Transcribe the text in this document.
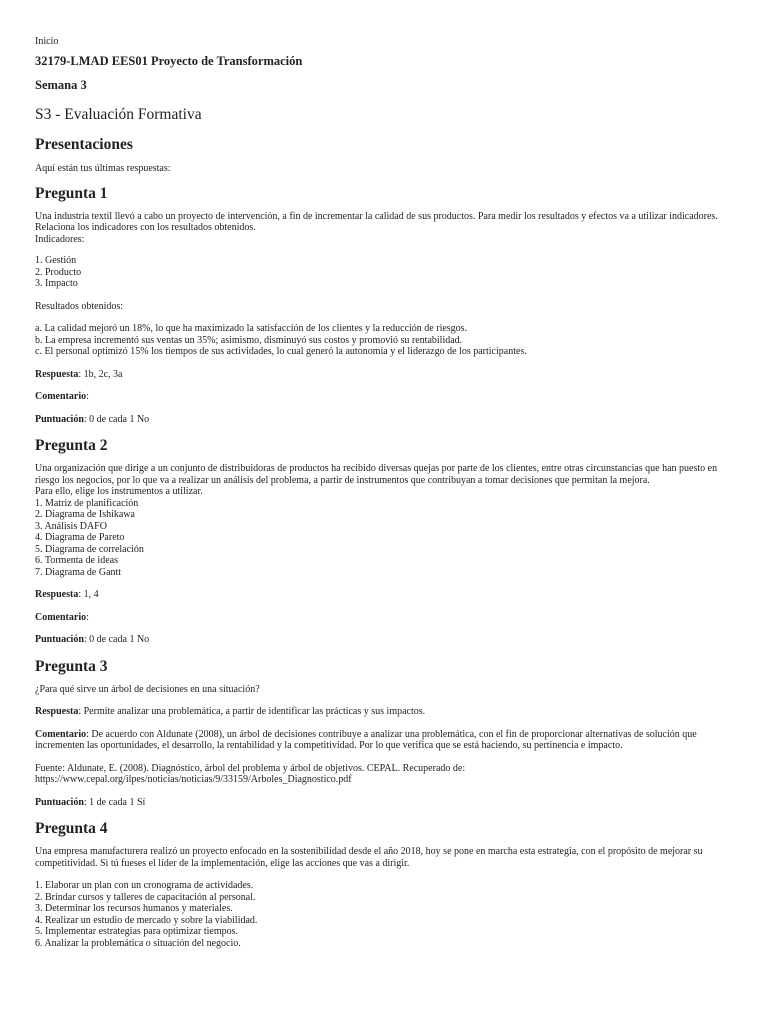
Inicio
32179-LMAD EES01 Proyecto de Transformación
Semana 3
S3 - Evaluación Formativa
Presentaciones
Aquí están tus últimas respuestas:
Pregunta 1
Una industria textil llevó a cabo un proyecto de intervención, a fin de incrementar la calidad de sus productos. Para medir los resultados y efectos va a utilizar indicadores.
Relaciona los indicadores con los resultados obtenidos.
Indicadores:
1. Gestión
2. Producto
3. Impacto
Resultados obtenidos:
a. La calidad mejoró un 18%, lo que ha maximizado la satisfacción de los clientes y la reducción de riesgos.
b. La empresa incrementó sus ventas un 35%; asimismo, disminuyó sus costos y promovió su rentabilidad.
c. El personal optimizó 15% los tiempos de sus actividades, lo cual generó la autonomía y el liderazgo de los participantes.
Respuesta: 1b, 2c, 3a
Comentario:
Puntuación: 0 de cada 1 No
Pregunta 2
Una organización que dirige a un conjunto de distribuidoras de productos ha recibido diversas quejas por parte de los clientes, entre otras circunstancias que han puesto en
riesgo los negocios, por lo que va a realizar un análisis del problema, a partir de instrumentos que contribuyan a tomar decisiones que permitan la mejora.
Para ello, elige los instrumentos a utilizar.
1. Matriz de planificación
2. Diagrama de Ishikawa
3. Análisis DAFO
4. Diagrama de Pareto
5. Diagrama de correlación
6. Tormenta de ideas
7. Diagrama de Gantt
Respuesta: 1, 4
Comentario:
Puntuación: 0 de cada 1 No
Pregunta 3
¿Para qué sirve un árbol de decisiones en una situación?
Respuesta: Permite analizar una problemática, a partir de identificar las prácticas y sus impactos.
Comentario: De acuerdo con Aldunate (2008), un árbol de decisiones contribuye a analizar una problemática, con el fin de proporcionar alternativas de solución que
incrementen las oportunidades, el desarrollo, la rentabilidad y la competitividad. Por lo que verifica que se está haciendo, su pertinencia e impacto.
Fuente: Aldunate, E. (2008). Diagnóstico, árbol del problema y árbol de objetivos. CEPAL. Recuperado de:
https://www.cepal.org/ilpes/noticias/noticias/9/33159/Arboles_Diagnostico.pdf
Puntuación: 1 de cada 1 Sí
Pregunta 4
Una empresa manufacturera realizó un proyecto enfocado en la sostenibilidad desde el año 2018, hoy se pone en marcha esta estrategia, con el propósito de mejorar su
competitividad. Si tú fueses el líder de la implementación, elige las acciones que vas a dirigir.
1. Elaborar un plan con un cronograma de actividades.
2. Brindar cursos y talleres de capacitación al personal.
3. Determinar los recursos humanos y materiales.
4. Realizar un estudio de mercado y sobre la viabilidad.
5. Implementar estrategias para optimizar tiempos.
6. Analizar la problemática o situación del negocio.
